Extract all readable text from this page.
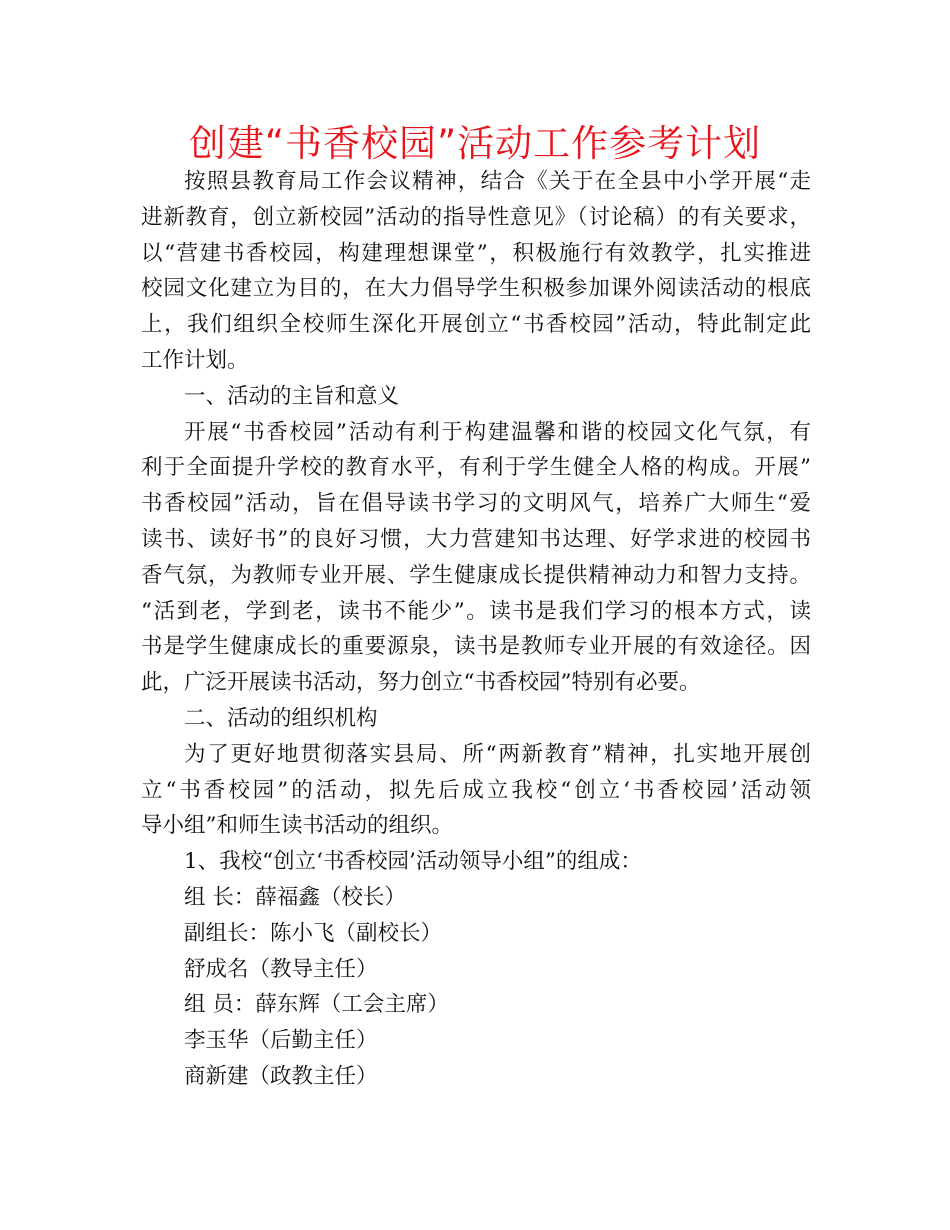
创建“书香校园”活动工作参考计划
按照县教育局工作会议精神，结合《关于在全县中小学开展“走
进新教育，创立新校园”活动的指导性意见》（讨论稿）的有关要求，
以“营建书香校园，构建理想课堂”，积极施行有效教学，扎实推进
校园文化建立为目的，在大力倡导学生积极参加课外阅读活动的根底
上，我们组织全校师生深化开展创立“书香校园”活动，特此制定此
工作计划。
一、活动的主旨和意义
开展“书香校园”活动有利于构建温馨和谐的校园文化气氛，有
利于全面提升学校的教育水平，有利于学生健全人格的构成。开展”
书香校园”活动，旨在倡导读书学习的文明风气，培养广大师生“爱
读书、读好书”的良好习惯，大力营建知书达理、好学求进的校园书
香气氛，为教师专业开展、学生健康成长提供精神动力和智力支持。
“活到老，学到老，读书不能少”。读书是我们学习的根本方式，读
书是学生健康成长的重要源泉，读书是教师专业开展的有效途径。因
此，广泛开展读书活动，努力创立“书香校园”特别有必要。
二、活动的组织机构
为了更好地贯彻落实县局、所“两新教育”精神，扎实地开展创
立“书香校园”的活动，拟先后成立我校“创立‘书香校园’活动领
导小组”和师生读书活动的组织。
1、我校“创立‘书香校园’活动领导小组”的组成：
组 长：薛福鑫（校长）
副组长：陈小飞（副校长）
舒成名（教导主任）
组 员：薛东辉（工会主席）
李玉华（后勤主任）
商新建（政教主任）
